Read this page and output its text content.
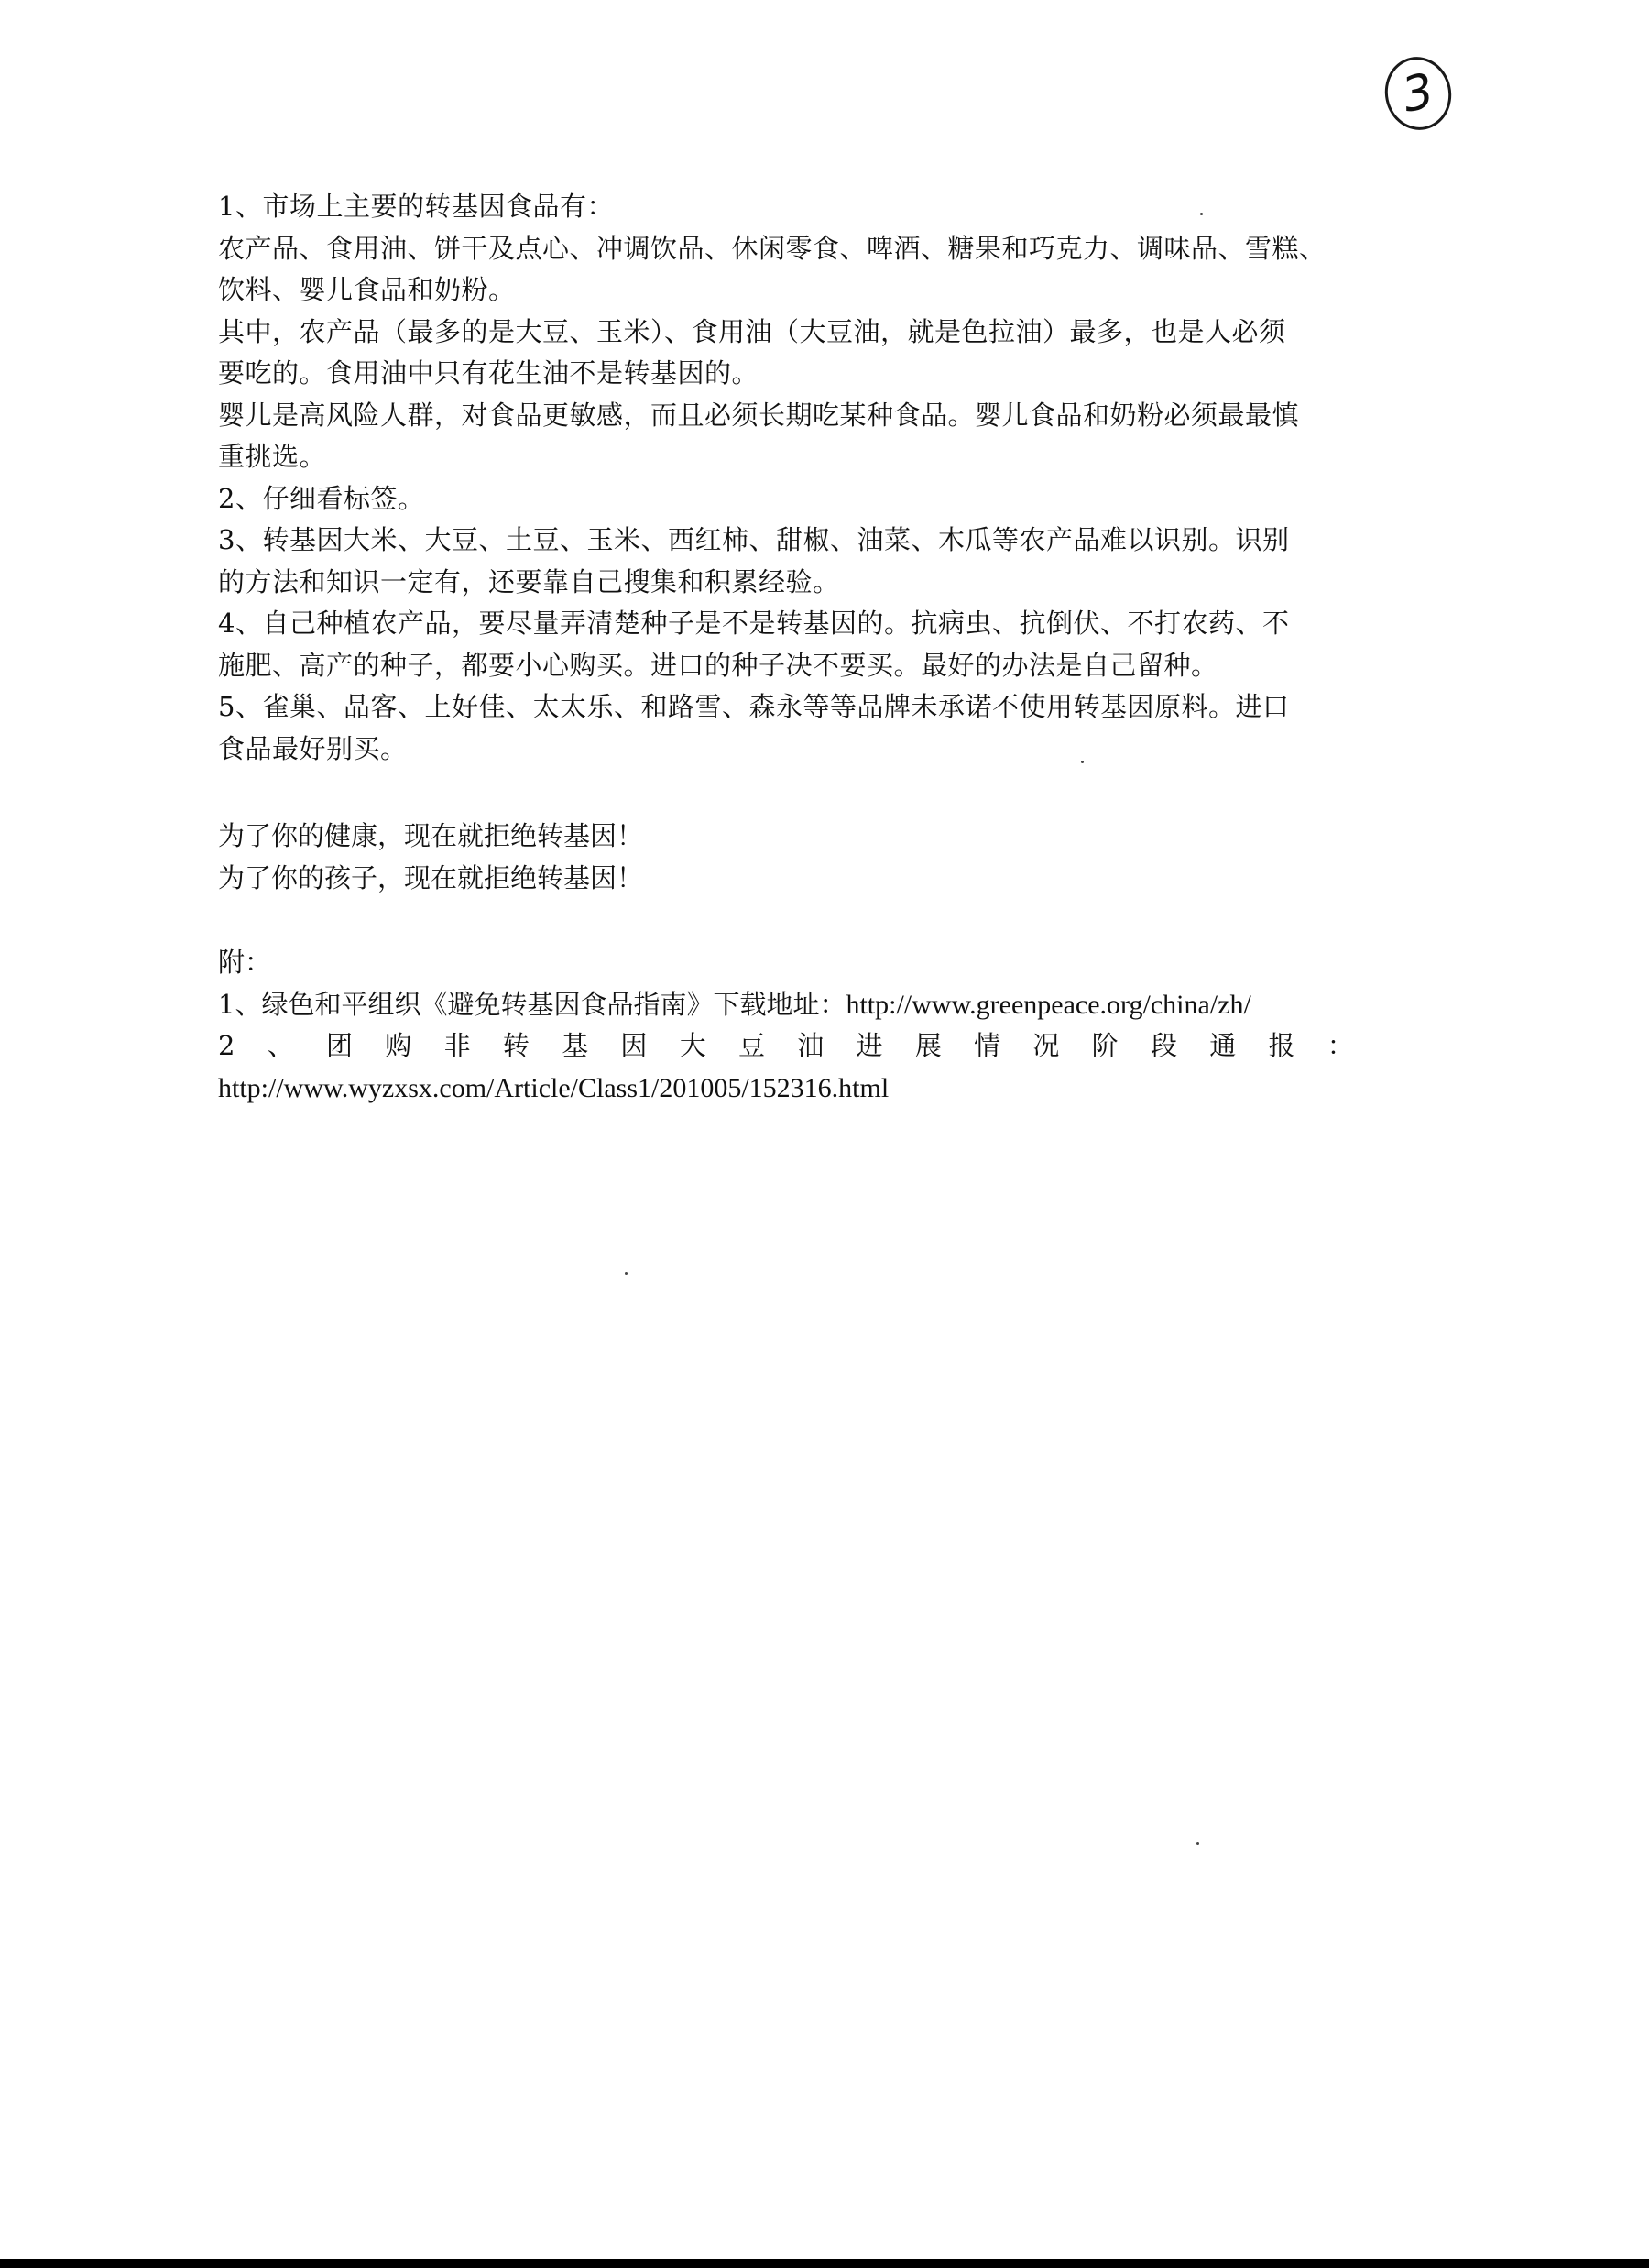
3
1、市场上主要的转基因食品有：
农产品、食用油、饼干及点心、冲调饮品、休闲零食、啤酒、糖果和巧克力、调味品、雪糕、
饮料、婴儿食品和奶粉。
其中，农产品（最多的是大豆、玉米）、食用油（大豆油，就是色拉油）最多，也是人必须
要吃的。食用油中只有花生油不是转基因的。
婴儿是高风险人群，对食品更敏感，而且必须长期吃某种食品。婴儿食品和奶粉必须最最慎
重挑选。
2、仔细看标签。
3、转基因大米、大豆、土豆、玉米、西红柿、甜椒、油菜、木瓜等农产品难以识别。识别
的方法和知识一定有，还要靠自己搜集和积累经验。
4、自己种植农产品，要尽量弄清楚种子是不是转基因的。抗病虫、抗倒伏、不打农药、不
施肥、高产的种子，都要小心购买。进口的种子决不要买。最好的办法是自己留种。
5、雀巢、品客、上好佳、太太乐、和路雪、森永等等品牌未承诺不使用转基因原料。进口
食品最好别买。
为了你的健康，现在就拒绝转基因！
为了你的孩子，现在就拒绝转基因！
附：
1、绿色和平组织《避免转基因食品指南》下载地址：http://www.greenpeace.org/china/zh/
2 、 团 购 非 转 基 因 大 豆 油 进 展 情 况 阶 段 通 报 ：
http://www.wyzxsx.com/Article/Class1/201005/152316.html
